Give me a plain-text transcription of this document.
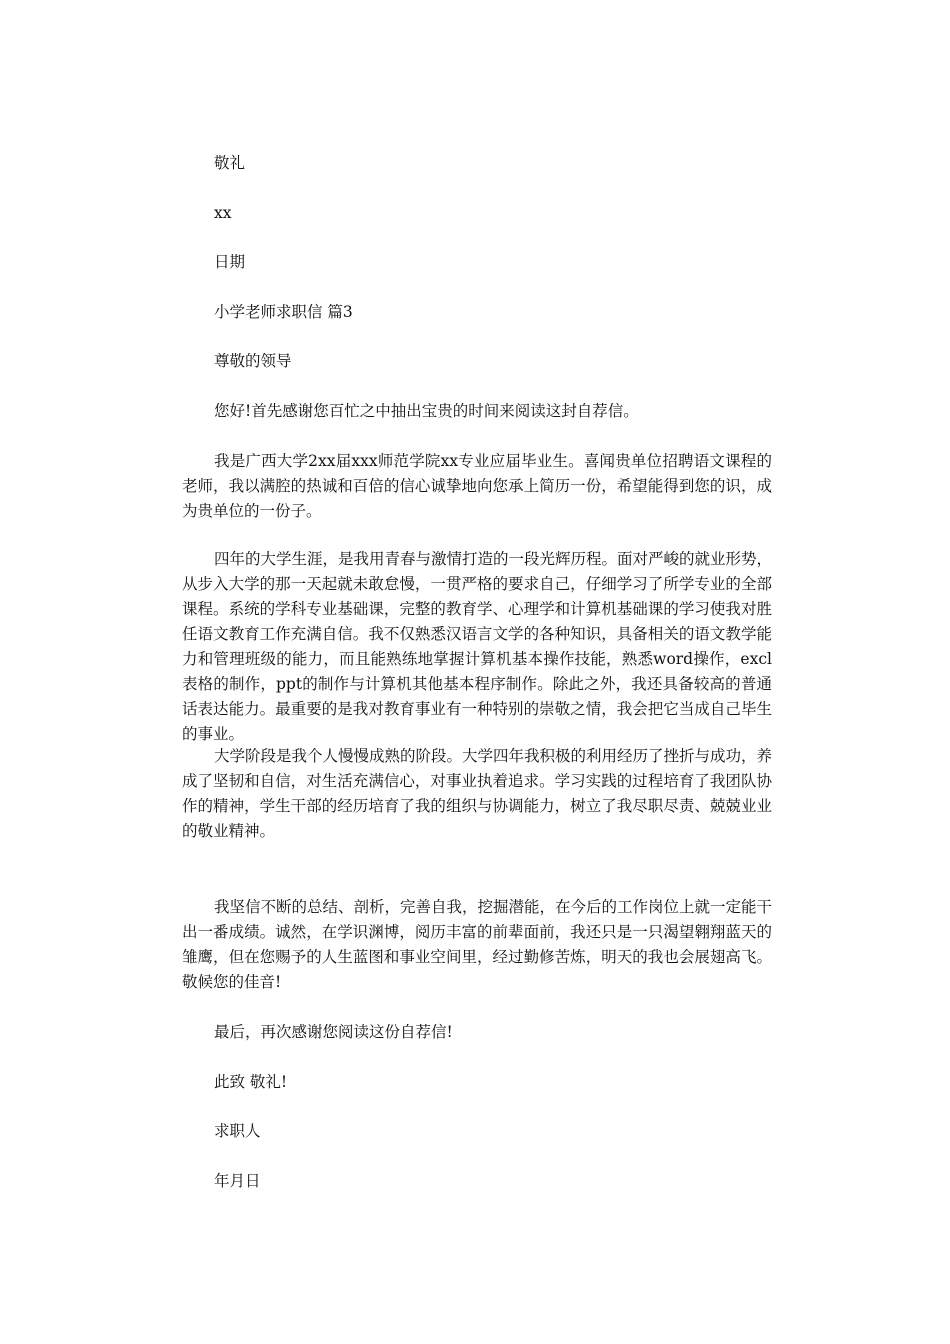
敬礼

xx

日期

小学老师求职信 篇3

尊敬的领导

您好!首先感谢您百忙之中抽出宝贵的时间来阅读这封自荐信。

我是广西大学2xx届xxx师范学院xx专业应届毕业生。喜闻贵单位招聘语文课程的老师，我以满腔的热诚和百倍的信心诚挚地向您承上简历一份，希望能得到您的识，成为贵单位的一份子。

四年的大学生涯，是我用青春与激情打造的一段光辉历程。面对严峻的就业形势，从步入大学的那一天起就未敢怠慢，一贯严格的要求自己，仔细学习了所学专业的全部课程。系统的学科专业基础课，完整的教育学、心理学和计算机基础课的学习使我对胜任语文教育工作充满自信。我不仅熟悉汉语言文学的各种知识，具备相关的语文教学能力和管理班级的能力，而且能熟练地掌握计算机基本操作技能，熟悉word操作，excl表格的制作，ppt的制作与计算机其他基本程序制作。除此之外，我还具备较高的普通话表达能力。最重要的是我对教育事业有一种特别的崇敬之情，我会把它当成自己毕生的事业。

大学阶段是我个人慢慢成熟的阶段。大学四年我积极的利用经历了挫折与成功，养成了坚韧和自信，对生活充满信心，对事业执着追求。学习实践的过程培育了我团队协作的精神，学生干部的经历培育了我的组织与协调能力，树立了我尽职尽责、兢兢业业的敬业精神。

我坚信不断的总结、剖析，完善自我，挖掘潜能，在今后的工作岗位上就一定能干出一番成绩。诚然，在学识渊博，阅历丰富的前辈面前，我还只是一只渴望翱翔蓝天的雏鹰，但在您赐予的人生蓝图和事业空间里，经过勤修苦炼，明天的我也会展翅高飞。敬候您的佳音!

最后，再次感谢您阅读这份自荐信!

此致 敬礼!

求职人

年月日
